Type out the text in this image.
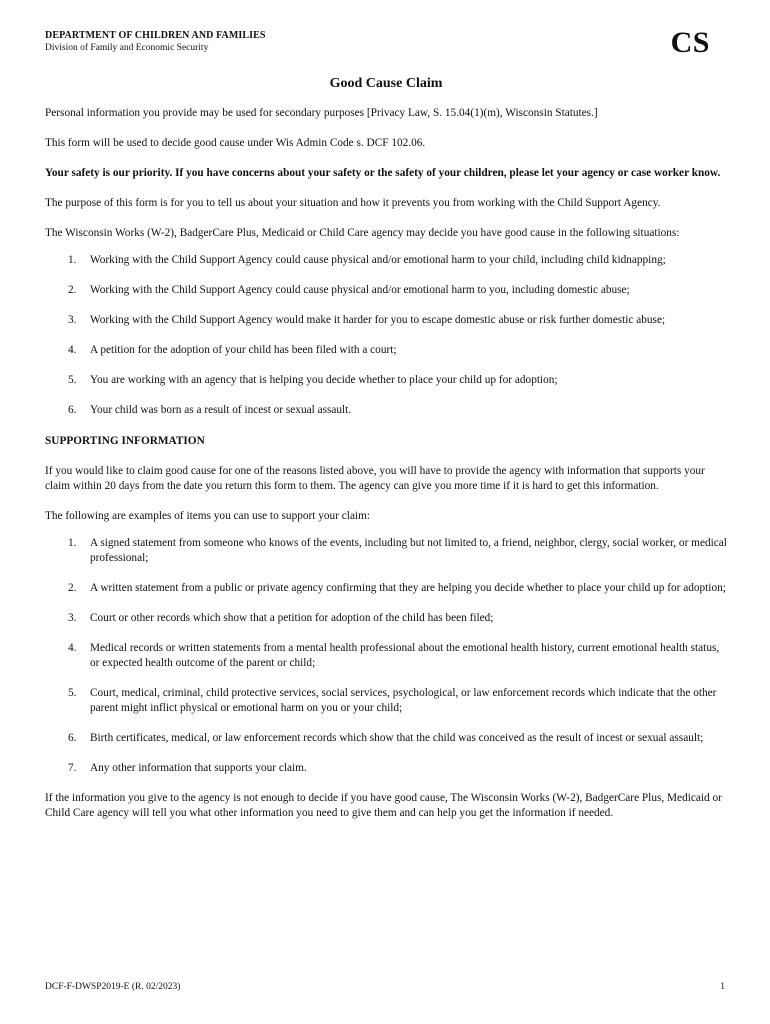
CS
DEPARTMENT OF CHILDREN AND FAMILIES
Division of Family and Economic Security
Good Cause Claim

Personal information you provide may be used for secondary purposes [Privacy Law, S. 15.04(1)(m), Wisconsin Statutes.]

This form will be used to decide good cause under Wis Admin Code s. DCF 102.06.

Your safety is our priority. If you have concerns about your safety or the safety of your children, please let your agency or case worker know.

The purpose of this form is for you to tell us about your situation and how it prevents you from working with the Child Support Agency.

The Wisconsin Works (W-2), BadgerCare Plus, Medicaid or Child Care agency may decide you have good cause in the following situations:

1. Working with the Child Support Agency could cause physical and/or emotional harm to your child, including child kidnapping;
2. Working with the Child Support Agency could cause physical and/or emotional harm to you, including domestic abuse;
3. Working with the Child Support Agency would make it harder for you to escape domestic abuse or risk further domestic abuse;
4. A petition for the adoption of your child has been filed with a court;
5. You are working with an agency that is helping you decide whether to place your child up for adoption;
6. Your child was born as a result of incest or sexual assault.
SUPPORTING INFORMATION

If you would like to claim good cause for one of the reasons listed above, you will have to provide the agency with information that supports your claim within 20 days from the date you return this form to them. The agency can give you more time if it is hard to get this information.

The following are examples of items you can use to support your claim:

1. A signed statement from someone who knows of the events, including but not limited to, a friend, neighbor, clergy, social worker, or medical professional;
2. A written statement from a public or private agency confirming that they are helping you decide whether to place your child up for adoption;
3. Court or other records which show that a petition for adoption of the child has been filed;
4. Medical records or written statements from a mental health professional about the emotional health history, current emotional health status, or expected health outcome of the parent or child;
5. Court, medical, criminal, child protective services, social services, psychological, or law enforcement records which indicate that the other parent might inflict physical or emotional harm on you or your child;
6. Birth certificates, medical, or law enforcement records which show that the child was conceived as the result of incest or sexual assault;
7. Any other information that supports your claim.

If the information you give to the agency is not enough to decide if you have good cause, The Wisconsin Works (W-2), BadgerCare Plus, Medicaid or Child Care agency will tell you what other information you need to give them and can help you get the information if needed.

DCF-F-DWSP2019-E (R. 02/2023)	1
